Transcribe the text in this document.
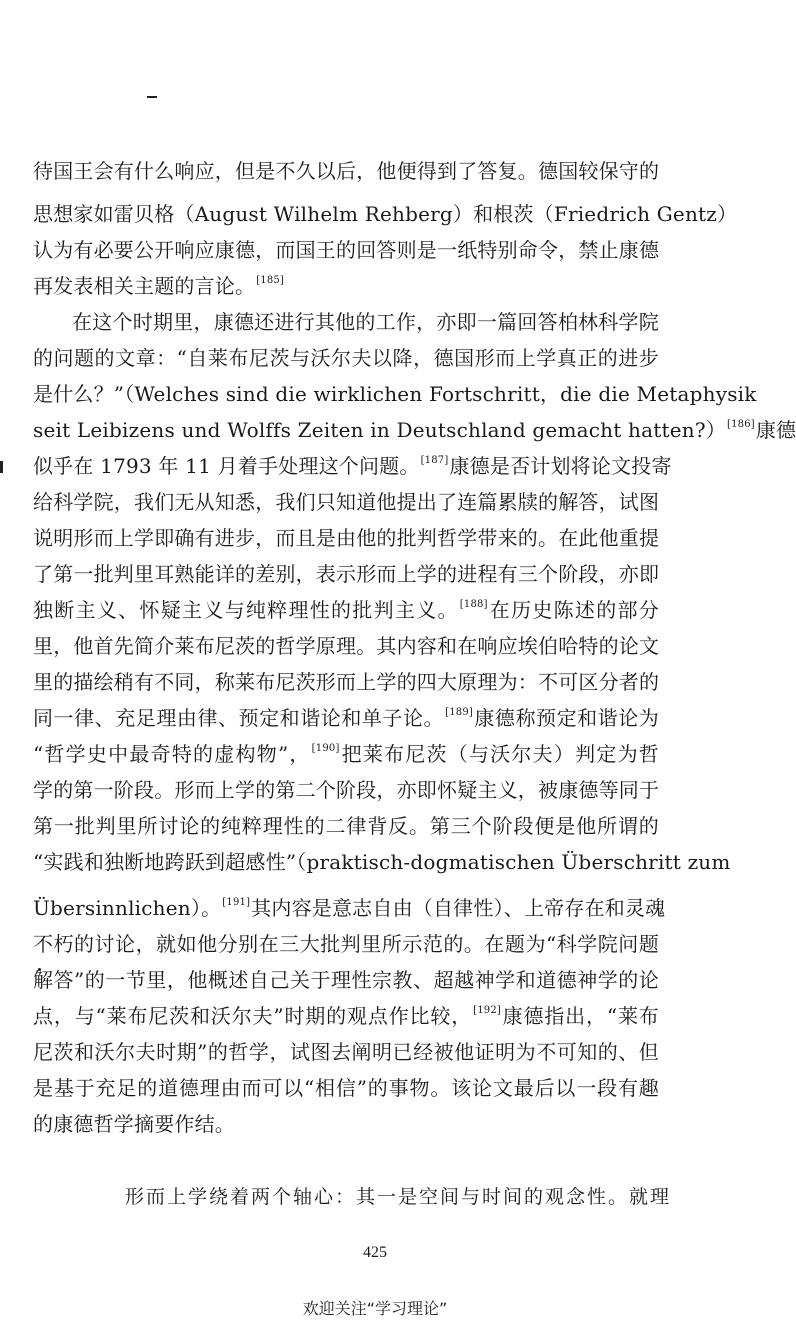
待国王会有什么响应，但是不久以后，他便得到了答复。德国较保守的
思想家如雷贝格（August Wilhelm Rehberg）和根茨（Friedrich Gentz）
认为有必要公开响应康德，而国王的回答则是一纸特别命令，禁止康德
再发表相关主题的言论。[185]
在这个时期里，康德还进行其他的工作，亦即一篇回答柏林科学院
的问题的文章：“自莱布尼茨与沃尔夫以降，德国形而上学真正的进步
是什么？”（Welches sind die wirklichen Fortschritt，die die Metaphysik
seit Leibizens und Wolffs Zeiten in Deutschland gemacht hatten?）[186]康德
似乎在 1793 年 11 月着手处理这个问题。[187]康德是否计划将论文投寄
给科学院，我们无从知悉，我们只知道他提出了连篇累牍的解答，试图
说明形而上学即确有进步，而且是由他的批判哲学带来的。在此他重提
了第一批判里耳熟能详的差别，表示形而上学的进程有三个阶段，亦即
独断主义、怀疑主义与纯粹理性的批判主义。[188]在历史陈述的部分
里，他首先简介莱布尼茨的哲学原理。其内容和在响应埃伯哈特的论文
里的描绘稍有不同，称莱布尼茨形而上学的四大原理为：不可区分者的
同一律、充足理由律、预定和谐论和单子论。[189]康德称预定和谐论为
“哲学史中最奇特的虚构物”，[190]把莱布尼茨（与沃尔夫）判定为哲
学的第一阶段。形而上学的第二个阶段，亦即怀疑主义，被康德等同于
第一批判里所讨论的纯粹理性的二律背反。第三个阶段便是他所谓的
“实践和独断地跨跃到超感性”（praktisch-dogmatischen Überschritt zum
Übersinnlichen）。[191]其内容是意志自由（自律性）、上帝存在和灵魂
不朽的讨论，就如他分别在三大批判里所示范的。在题为“科学院问题
解答”的一节里，他概述自己关于理性宗教、超越神学和道德神学的论
点，与“莱布尼茨和沃尔夫”时期的观点作比较，[192]康德指出，“莱布
尼茨和沃尔夫时期”的哲学，试图去阐明已经被他证明为不可知的、但
是基于充足的道德理由而可以“相信”的事物。该论文最后以一段有趣
的康德哲学摘要作结。
形而上学绕着两个轴心：其一是空间与时间的观念性。就理
425
欢迎关注“学习理论”
